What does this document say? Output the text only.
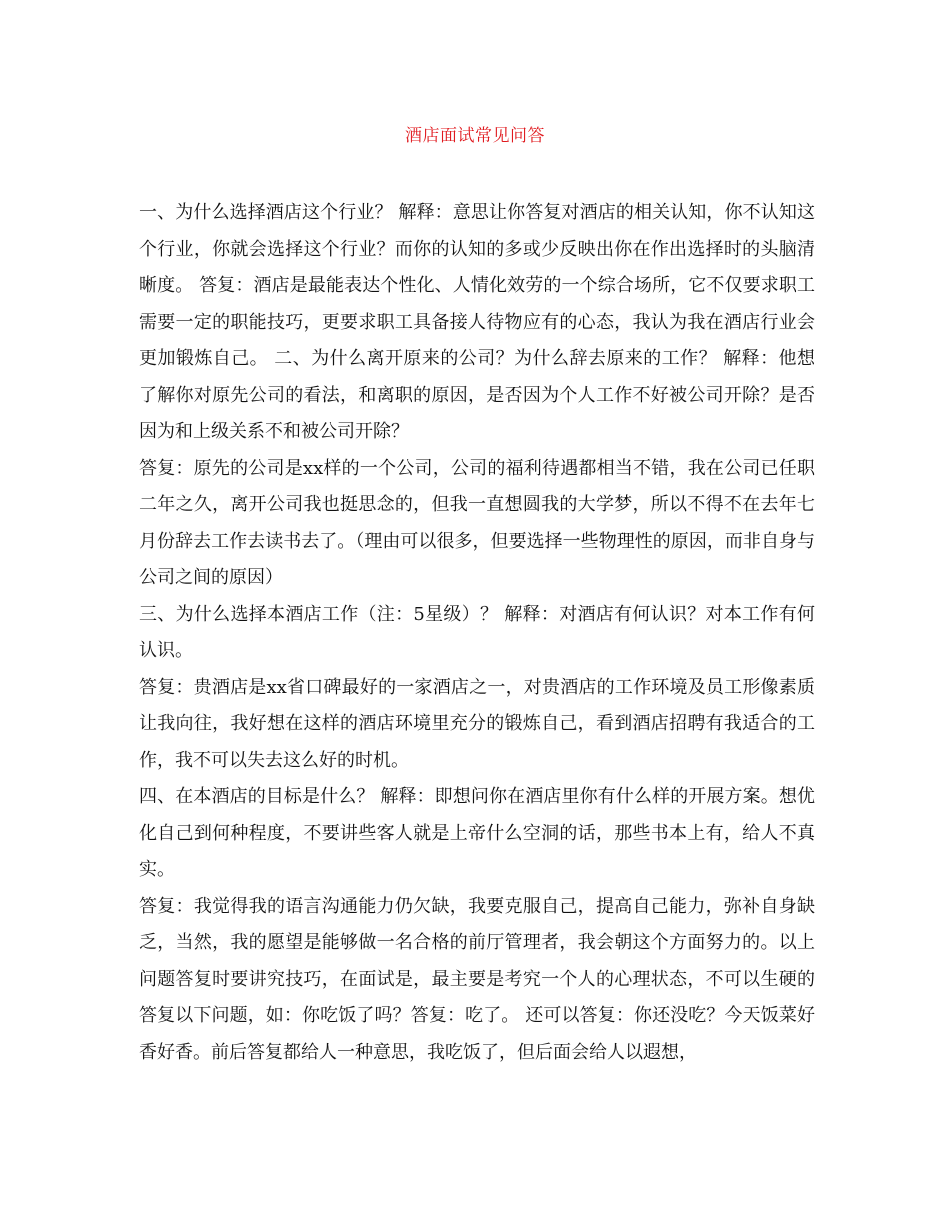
酒店面试常见问答

一、为什么选择酒店这个行业？ 解释：意思让你答复对酒店的相关认知，你不认知这个行业，你就会选择这个行业？而你的认知的多或少反映出你在作出选择时的头脑清晰度。 答复：酒店是最能表达个性化、人情化效劳的一个综合场所，它不仅要求职工需要一定的职能技巧，更要求职工具备接人待物应有的心态，我认为我在酒店行业会更加锻炼自己。 二、为什么离开原来的公司？为什么辞去原来的工作？ 解释：他想了解你对原先公司的看法，和离职的原因，是否因为个人工作不好被公司开除？是否因为和上级关系不和被公司开除？

答复：原先的公司是xx样的一个公司，公司的福利待遇都相当不错，我在公司已任职二年之久，离开公司我也挺思念的，但我一直想圆我的大学梦，所以不得不在去年七月份辞去工作去读书去了。（理由可以很多，但要选择一些物理性的原因，而非自身与公司之间的原因）

三、为什么选择本酒店工作（注：5星级）？ 解释：对酒店有何认识？对本工作有何认识。

答复：贵酒店是xx省口碑最好的一家酒店之一，对贵酒店的工作环境及员工形像素质让我向往，我好想在这样的酒店环境里充分的锻炼自己，看到酒店招聘有我适合的工作，我不可以失去这么好的时机。

四、在本酒店的目标是什么？ 解释：即想问你在酒店里你有什么样的开展方案。想优化自己到何种程度，不要讲些客人就是上帝什么空洞的话，那些书本上有，给人不真实。

答复：我觉得我的语言沟通能力仍欠缺，我要克服自己，提高自己能力，弥补自身缺乏，当然，我的愿望是能够做一名合格的前厅管理者，我会朝这个方面努力的。以上问题答复时要讲究技巧，在面试是，最主要是考究一个人的心理状态，不可以生硬的答复以下问题，如：你吃饭了吗？答复：吃了。 还可以答复：你还没吃？今天饭菜好香好香。前后答复都给人一种意思，我吃饭了，但后面会给人以遐想，
